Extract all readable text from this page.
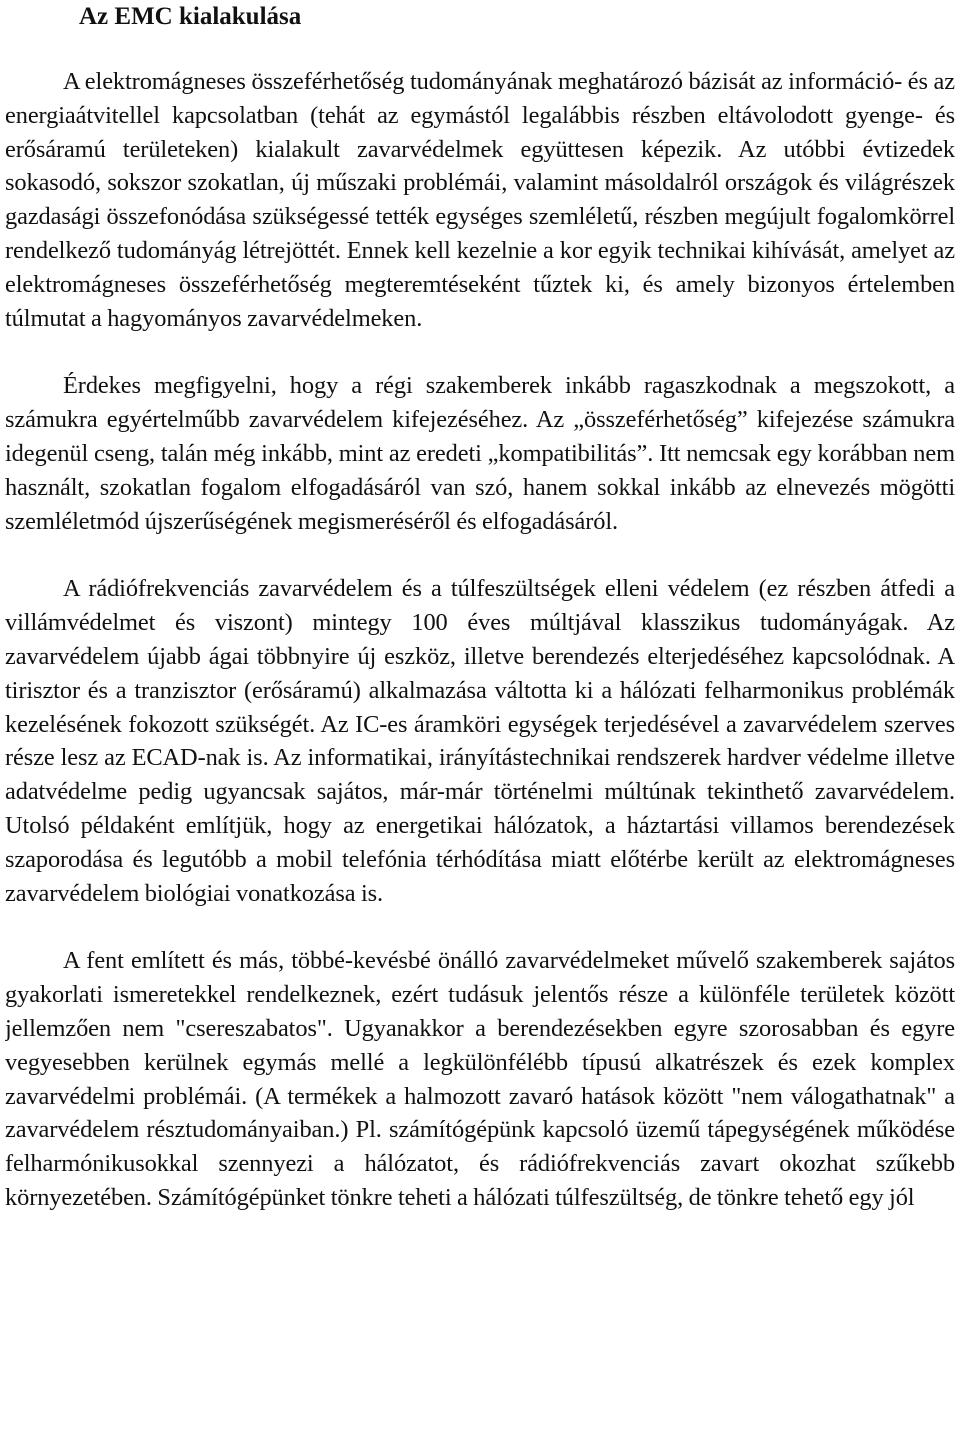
Az EMC kialakulása

A elektromágneses összeférhetőség tudományának meghatározó bázisát az információ- és az energiaátvitellel kapcsolatban (tehát az egymástól legalábbis részben eltávolodott gyenge- és erősáramú területeken) kialakult zavarvédelmek együttesen képezik. Az utóbbi évtizedek sokasodó, sokszor szokatlan, új műszaki problémái, valamint másoldalról országok és világrészek gazdasági összefonódása szükségessé tették egységes szemléletű, részben megújult fogalomkörrel rendelkező tudományág létrejöttét. Ennek kell kezelnie a kor egyik technikai kihívását, amelyet az elektromágneses összeférhetőség megteremtéseként tűztek ki, és amely bizonyos értelemben túlmutat a hagyományos zavarvédelmeken.

Érdekes megfigyelni, hogy a régi szakemberek inkább ragaszkodnak a megszokott, a számukra egyértelműbb zavarvédelem kifejezéséhez. Az „összeférhetőség” kifejezése számukra idegenül cseng, talán még inkább, mint az eredeti „kompatibilitás”. Itt nemcsak egy korábban nem használt, szokatlan fogalom elfogadásáról van szó, hanem sokkal inkább az elnevezés mögötti szemléletmód újszerűségének megismeréséről és elfogadásáról.

A rádiófrekvenciás zavarvédelem és a túlfeszültségek elleni védelem (ez részben átfedi a villámvédelmet és viszont) mintegy 100 éves múltjával klasszikus tudományágak. Az zavarvédelem újabb ágai többnyire új eszköz, illetve berendezés elterjedéséhez kapcsolódnak. A tirisztor és a tranzisztor (erősáramú) alkalmazása váltotta ki a hálózati felharmonikus problémák kezelésének fokozott szükségét. Az IC-es áramköri egységek terjedésével a zavarvédelem szerves része lesz az ECAD-nak is. Az informatikai, irányítástechnikai rendszerek hardver védelme illetve adatvédelme pedig ugyancsak sajátos, már-már történelmi múltúnak tekinthető zavarvédelem. Utolsó példaként említjük, hogy az energetikai hálózatok, a háztartási villamos berendezések szaporodása és legutóbb a mobil telefónia térhódítása miatt előtérbe került az elektromágneses zavarvédelem biológiai vonatkozása is.

A fent említett és más, többé-kevésbé önálló zavarvédelmeket művelő szakemberek sajátos gyakorlati ismeretekkel rendelkeznek, ezért tudásuk jelentős része a különféle területek között jellemzően nem "csereszabatos". Ugyanakkor a berendezésekben egyre szorosabban és egyre vegyesebben kerülnek egymás mellé a legkülönfélébb típusú alkatrészek és ezek komplex zavarvédelmi problémái. (A termékek a halmozott zavaró hatások között "nem válogathatnak" a zavarvédelem résztudományaiban.) Pl. számítógépünk kapcsoló üzemű tápegységének működése felharmónikusokkal szennyezi a hálózatot, és rádiófrekvenciás zavart okozhat szűkebb környezetében. Számítógépünket tönkre teheti a hálózati túlfeszültség, de tönkre tehető egy jól
